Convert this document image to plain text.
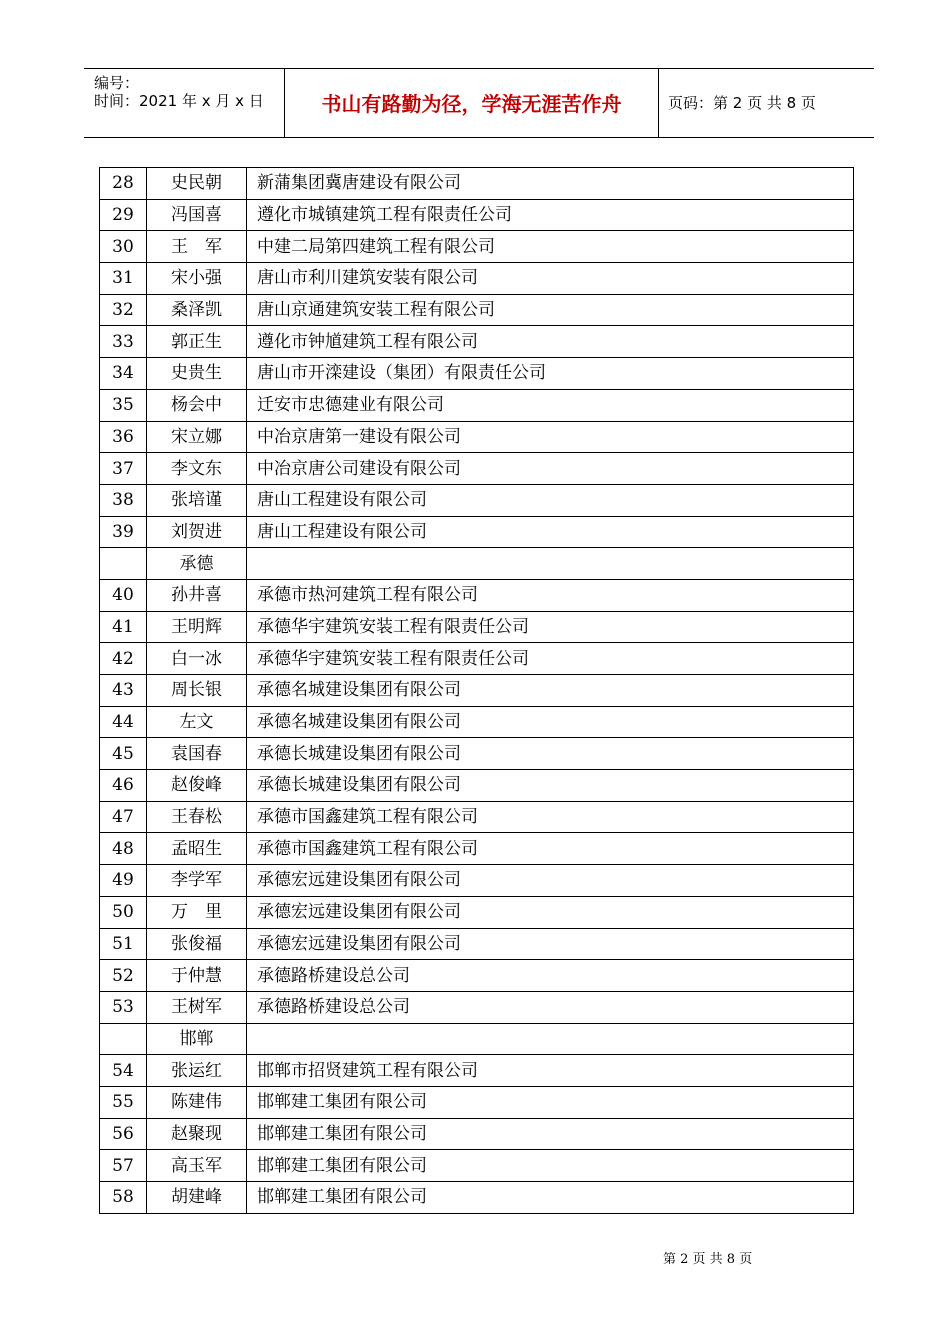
编号：
时间：2021 年 x 月 x 日	书山有路勤为径，学海无涯苦作舟	页码：第 2 页 共 8 页
28	史民朝	新蒲集团冀唐建设有限公司
29	冯国喜	遵化市城镇建筑工程有限责任公司
30	王　军	中建二局第四建筑工程有限公司
31	宋小强	唐山市利川建筑安装有限公司
32	桑泽凯	唐山京通建筑安装工程有限公司
33	郭正生	遵化市钟馗建筑工程有限公司
34	史贵生	唐山市开滦建设（集团）有限责任公司
35	杨会中	迁安市忠德建业有限公司
36	宋立娜	中冶京唐第一建设有限公司
37	李文东	中冶京唐公司建设有限公司
38	张培谨	唐山工程建设有限公司
39	刘贺进	唐山工程建设有限公司
	承德	
40	孙井喜	承德市热河建筑工程有限公司
41	王明辉	承德华宇建筑安装工程有限责任公司
42	白一冰	承德华宇建筑安装工程有限责任公司
43	周长银	承德名城建设集团有限公司
44	左文	承德名城建设集团有限公司
45	袁国春	承德长城建设集团有限公司
46	赵俊峰	承德长城建设集团有限公司
47	王春松	承德市国鑫建筑工程有限公司
48	孟昭生	承德市国鑫建筑工程有限公司
49	李学军	承德宏远建设集团有限公司
50	万　里	承德宏远建设集团有限公司
51	张俊福	承德宏远建设集团有限公司
52	于仲慧	承德路桥建设总公司
53	王树军	承德路桥建设总公司
	邯郸	
54	张运红	邯郸市招贤建筑工程有限公司
55	陈建伟	邯郸建工集团有限公司
56	赵聚现	邯郸建工集团有限公司
57	高玉军	邯郸建工集团有限公司
58	胡建峰	邯郸建工集团有限公司
第 2 页 共 8 页
